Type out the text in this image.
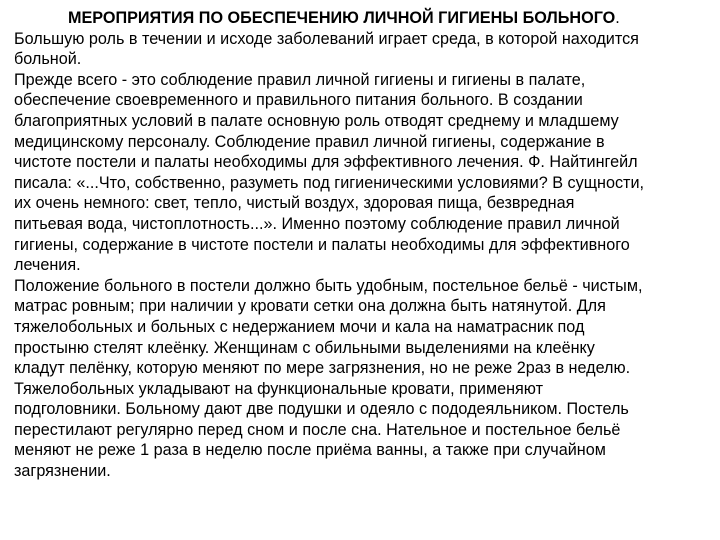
МЕРОПРИЯТИЯ ПО ОБЕСПЕЧЕНИЮ ЛИЧНОЙ ГИГИЕНЫ БОЛЬНОГО.
Большую роль в течении и исходе заболеваний играет среда, в которой находится
больной.
Прежде всего - это соблюдение правил личной гигиены и гигиены в палате,
обеспечение своевременного и правильного питания больного. В создании
благоприятных условий в палате основную роль отводят среднему и младшему
медицинскому персоналу. Соблюдение правил личной гигиены, содержание в
чистоте постели и палаты необходимы для эффективного лечения. Ф. Найтингейл
писала: «...Что, собственно, разуметь под гигиеническими условиями? В сущности,
их очень немного: свет, тепло, чистый воздух, здоровая пища, безвредная
питьевая вода, чистоплотность...». Именно поэтому соблюдение правил личной
гигиены, содержание в чистоте постели и палаты необходимы для эффективного
лечения.
Положение больного в постели должно быть удобным, постельное бельё - чистым,
матрас ровным; при наличии у кровати сетки она должна быть натянутой. Для
тяжелобольных и больных с недержанием мочи и кала на наматрасник под
простыню стелят клеёнку. Женщинам с обильными выделениями на клеёнку
кладут пелёнку, которую меняют по мере загрязнения, но не реже 2раз в неделю.
Тяжелобольных укладывают на функциональные кровати, применяют
подголовники. Больному дают две подушки и одеяло с пододеяльником. Постель
перестилают регулярно перед сном и после сна. Нательное и постельное бельё
меняют не реже 1 раза в неделю после приёма ванны, а также при случайном
загрязнении.
